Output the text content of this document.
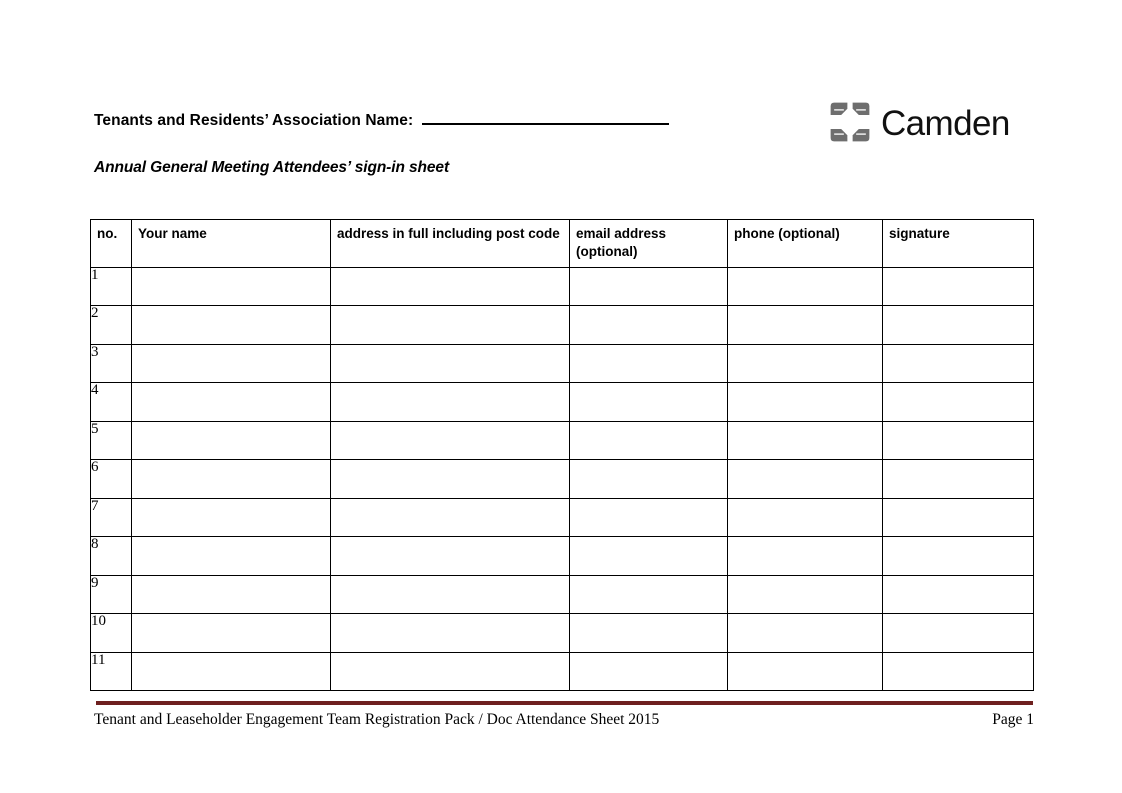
Tenants and Residents’ Association Name:
Annual General Meeting Attendees’ sign-in sheet
Camden
no.	Your name	address in full including post code	email address (optional)	phone (optional)	signature
1					
2					
3					
4					
5					
6					
7					
8					
9					
10					
11					
Tenant and Leaseholder Engagement Team Registration Pack / Doc Attendance Sheet 2015	Page 1
